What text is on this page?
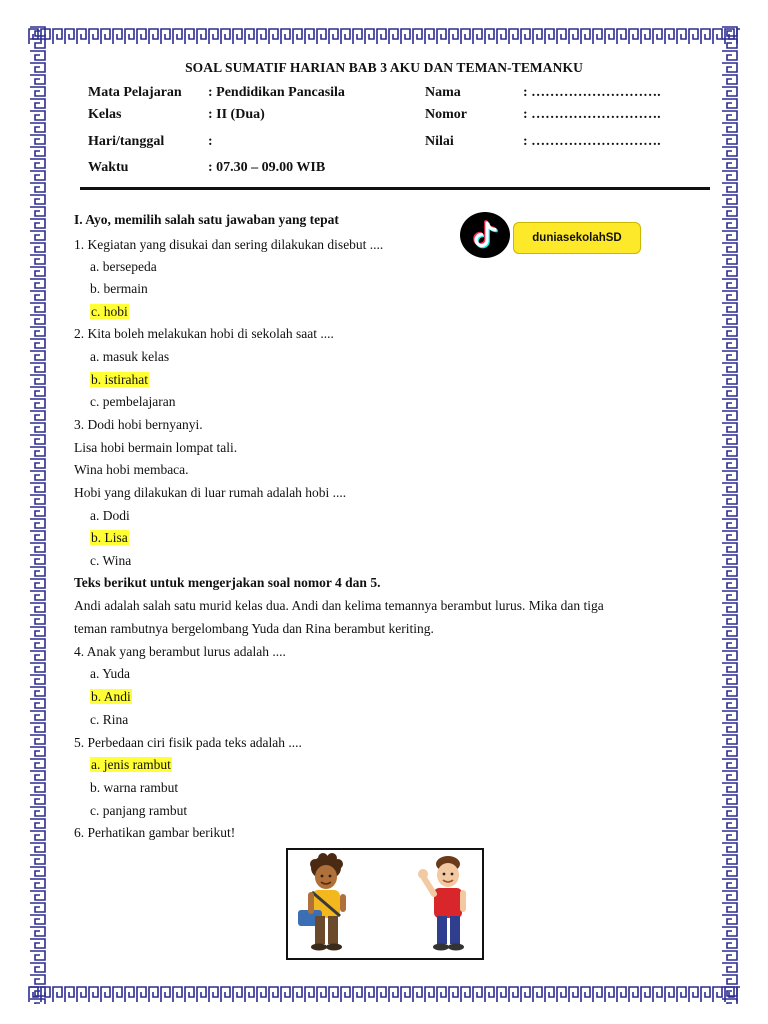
SOAL SUMATIF HARIAN BAB 3 AKU DAN TEMAN-TEMANKU
Mata Pelajaran : Pendidikan Pancasila
Kelas	: II (Dua)
Hari/tanggal	:
Waktu	: 07.30 – 09.00 WIB
Nama	: ……………………….
Nomor	: ……………………….
Nilai	: ……………………….
duniasekolahSD
I. Ayo, memilih salah satu jawaban yang tepat
1. Kegiatan yang disukai dan sering dilakukan disebut ....
a. bersepeda
b. bermain
c. hobi
2. Kita boleh melakukan hobi di sekolah saat ....
a. masuk kelas
b. istirahat
c. pembelajaran
3. Dodi hobi bernyanyi.
Lisa hobi bermain lompat tali.
Wina hobi membaca.
Hobi yang dilakukan di luar rumah adalah hobi ....
a. Dodi
b. Lisa
c. Wina
Teks berikut untuk mengerjakan soal nomor 4 dan 5.
Andi adalah salah satu murid kelas dua. Andi dan kelima temannya berambut lurus. Mika dan tiga
teman rambutnya bergelombang Yuda dan Rina berambut keriting.
4. Anak yang berambut lurus adalah ....
a. Yuda
b. Andi
c. Rina
5. Perbedaan ciri fisik pada teks adalah ....
a. jenis rambut
b. warna rambut
c. panjang rambut
6. Perhatikan gambar berikut!
